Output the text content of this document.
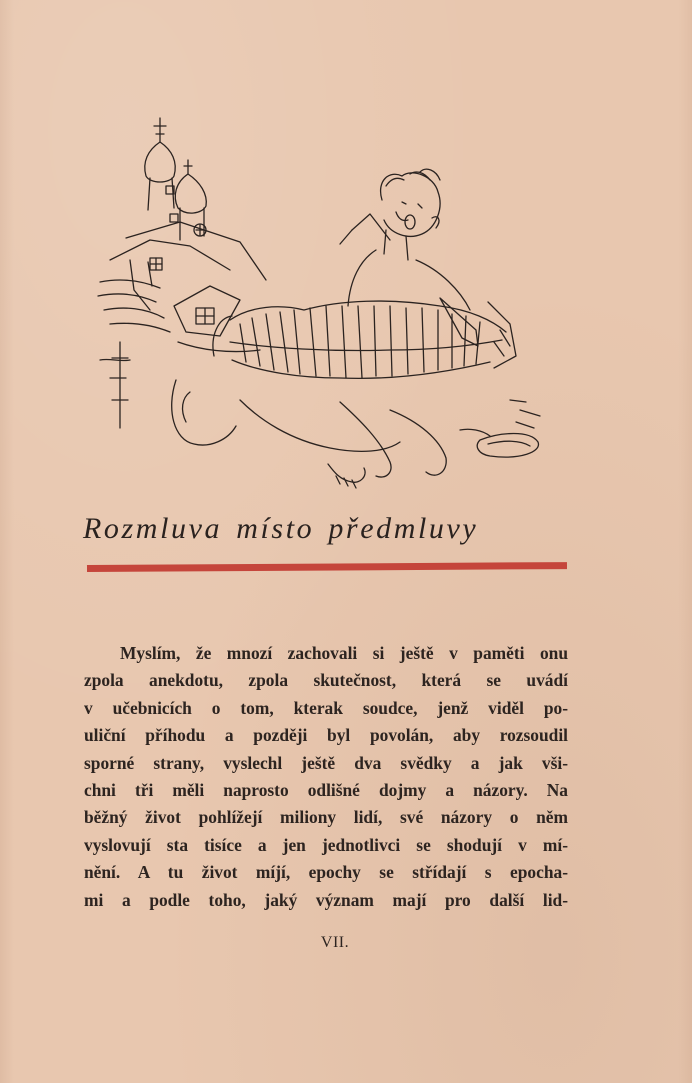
Rozmluva místo předmluvy
Myslím, že mnozí zachovali si ještě v paměti onu
zpola anekdotu, zpola skutečnost, která se uvádí
v učebnicích o tom, kterak soudce, jenž viděl po-
uliční příhodu a později byl povolán, aby rozsoudil
sporné strany, vyslechl ještě dva svědky a jak vši-
chni tři měli naprosto odlišné dojmy a názory. Na
běžný život pohlížejí miliony lidí, své názory o něm
vyslovují sta tisíce a jen jednotlivci se shodují v mí-
nění. A tu život míjí, epochy se střídají s epocha-
mi a podle toho, jaký význam mají pro další lid-
VII.
